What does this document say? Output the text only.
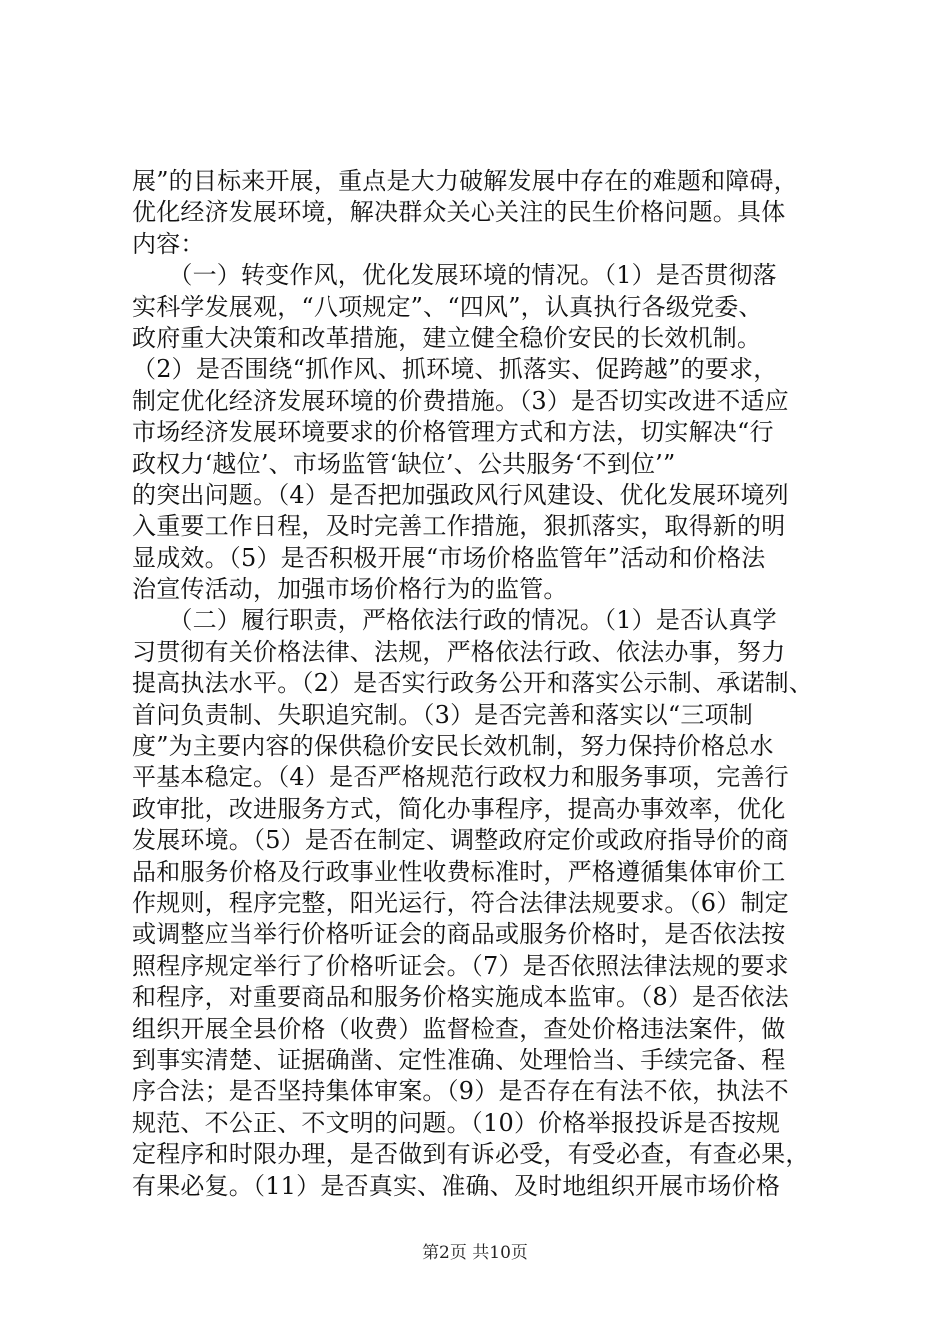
展”的目标来开展，重点是大力破解发展中存在的难题和障碍，
优化经济发展环境，解决群众关心关注的民生价格问题。具体
内容：
　　（一）转变作风，优化发展环境的情况。（1）是否贯彻落
实科学发展观，“八项规定”、“四风”，认真执行各级党委、
政府重大决策和改革措施，建立健全稳价安民的长效机制。
（2）是否围绕“抓作风、抓环境、抓落实、促跨越”的要求，
制定优化经济发展环境的价费措施。（3）是否切实改进不适应
市场经济发展环境要求的价格管理方式和方法，切实解决“行
政权力‘越位’、市场监管‘缺位’、公共服务‘不到位’”
的突出问题。（4）是否把加强政风行风建设、优化发展环境列
入重要工作日程，及时完善工作措施，狠抓落实，取得新的明
显成效。（5）是否积极开展“市场价格监管年”活动和价格法
治宣传活动，加强市场价格行为的监管。
　　（二）履行职责，严格依法行政的情况。（1）是否认真学
习贯彻有关价格法律、法规，严格依法行政、依法办事，努力
提高执法水平。（2）是否实行政务公开和落实公示制、承诺制、
首问负责制、失职追究制。（3）是否完善和落实以“三项制
度”为主要内容的保供稳价安民长效机制，努力保持价格总水
平基本稳定。（4）是否严格规范行政权力和服务事项，完善行
政审批，改进服务方式，简化办事程序，提高办事效率，优化
发展环境。（5）是否在制定、调整政府定价或政府指导价的商
品和服务价格及行政事业性收费标准时，严格遵循集体审价工
作规则，程序完整，阳光运行，符合法律法规要求。（6）制定
或调整应当举行价格听证会的商品或服务价格时，是否依法按
照程序规定举行了价格听证会。（7）是否依照法律法规的要求
和程序，对重要商品和服务价格实施成本监审。（8）是否依法
组织开展全县价格（收费）监督检查，查处价格违法案件，做
到事实清楚、证据确凿、定性准确、处理恰当、手续完备、程
序合法；是否坚持集体审案。（9）是否存在有法不依，执法不
规范、不公正、不文明的问题。（10）价格举报投诉是否按规
定程序和时限办理，是否做到有诉必受，有受必查，有查必果，
有果必复。（11）是否真实、准确、及时地组织开展市场价格
第2页 共10页
